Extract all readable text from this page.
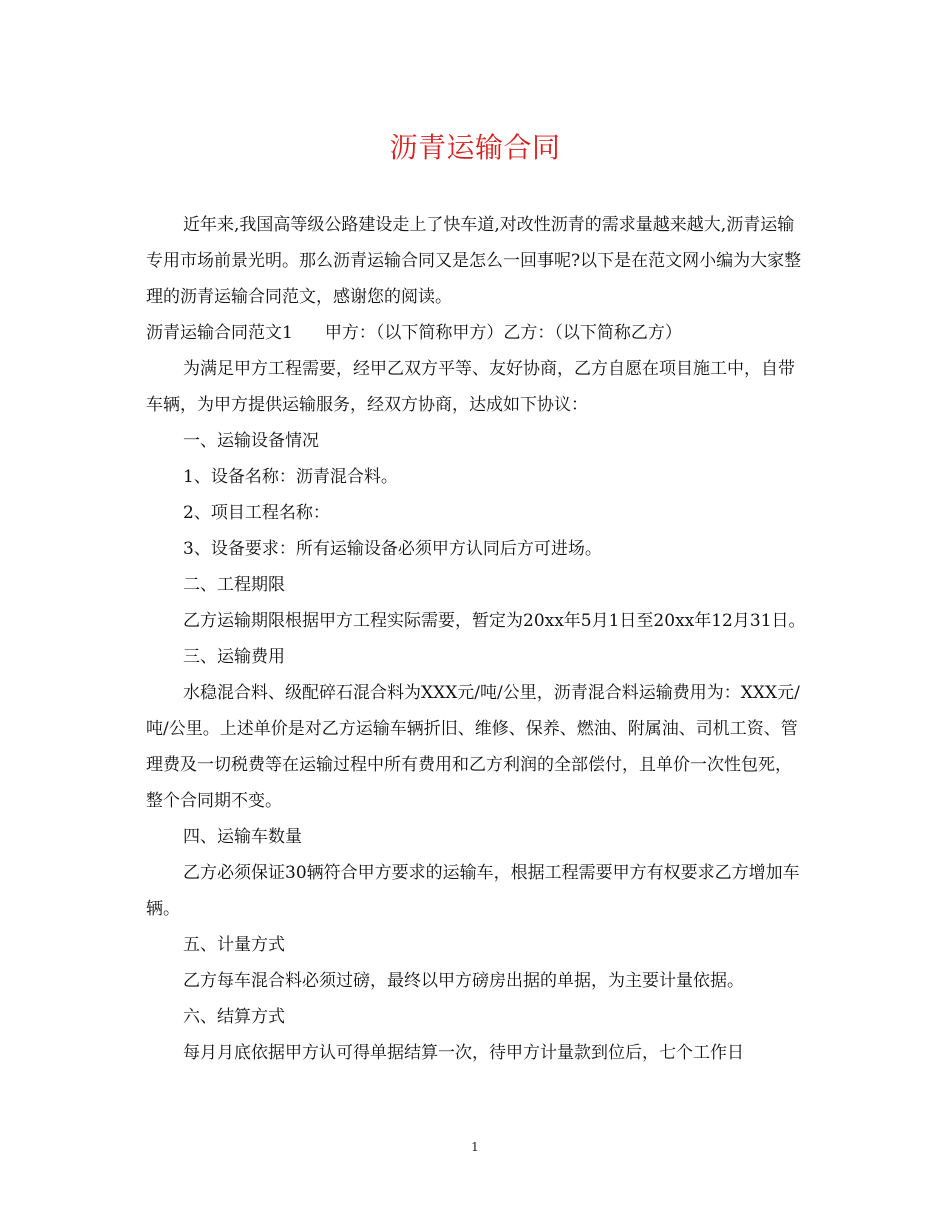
沥青运输合同

近年来,我国高等级公路建设走上了快车道,对改性沥青的需求量越来越大,沥青运输专用市场前景光明。那么沥青运输合同又是怎么一回事呢?以下是在范文网小编为大家整理的沥青运输合同范文，感谢您的阅读。

沥青运输合同范文1 甲方：（以下简称甲方）乙方：（以下简称乙方）

为满足甲方工程需要，经甲乙双方平等、友好协商，乙方自愿在项目施工中，自带车辆，为甲方提供运输服务，经双方协商，达成如下协议：

一、运输设备情况

1、设备名称：沥青混合料。

2、项目工程名称：

3、设备要求：所有运输设备必须甲方认同后方可进场。

二、工程期限

乙方运输期限根据甲方工程实际需要，暂定为20xx年5月1日至20xx年12月31日。

三、运输费用

水稳混合料、级配碎石混合料为XXX元/吨/公里，沥青混合料运输费用为：XXX元/吨/公里。上述单价是对乙方运输车辆折旧、维修、保养、燃油、附属油、司机工资、管理费及一切税费等在运输过程中所有费用和乙方利润的全部偿付，且单价一次性包死，整个合同期不变。

四、运输车数量

乙方必须保证30辆符合甲方要求的运输车，根据工程需要甲方有权要求乙方增加车辆。

五、计量方式

乙方每车混合料必须过磅，最终以甲方磅房出据的单据，为主要计量依据。

六、结算方式

每月月底依据甲方认可得单据结算一次，待甲方计量款到位后，七个工作日

1
